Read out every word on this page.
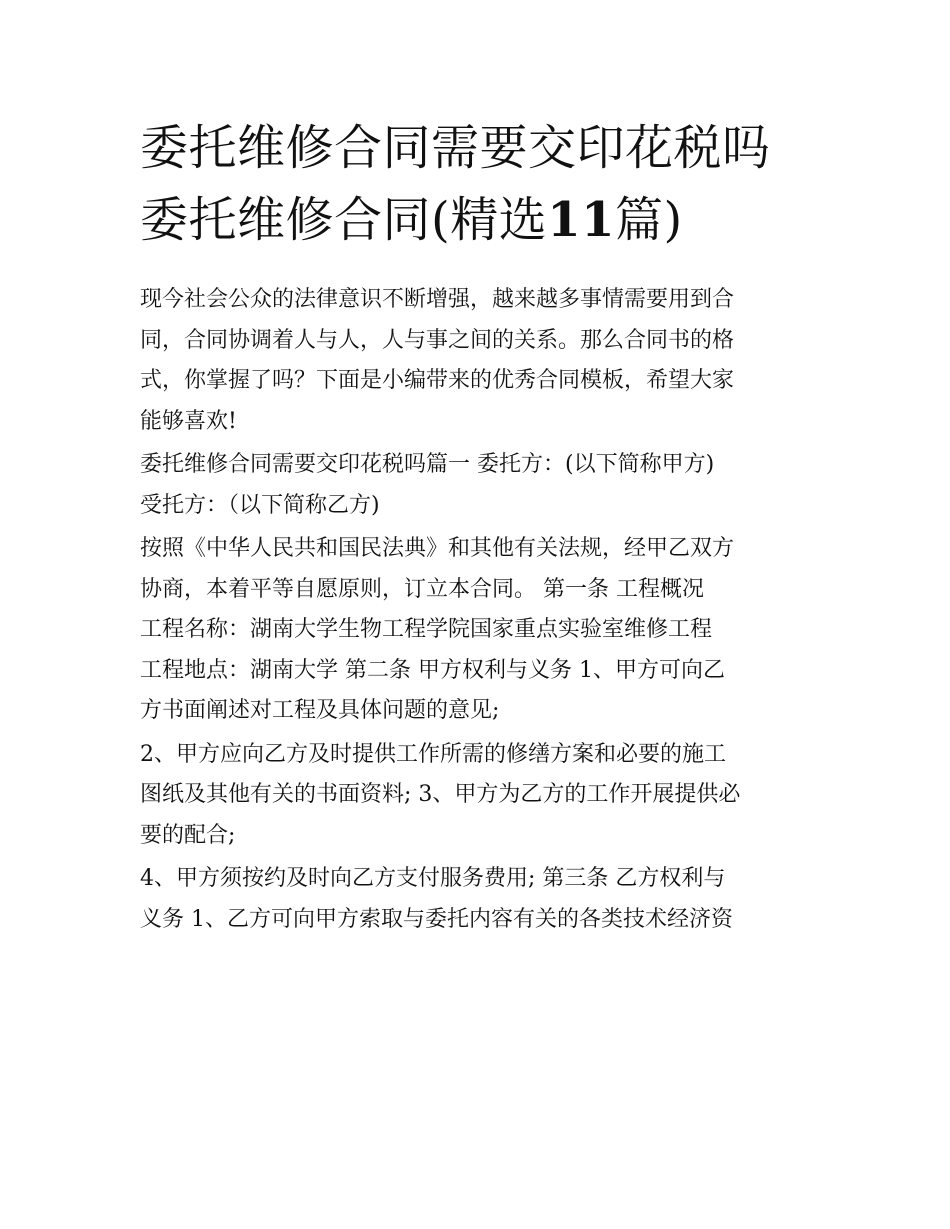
委托维修合同需要交印花税吗
委托维修合同(精选11篇)
现今社会公众的法律意识不断增强，越来越多事情需要用到合
同，合同协调着人与人，人与事之间的关系。那么合同书的格
式，你掌握了吗？下面是小编带来的优秀合同模板，希望大家
能够喜欢!
委托维修合同需要交印花税吗篇一 委托方：(以下简称甲方)
受托方：（以下简称乙方)
按照《中华人民共和国民法典》和其他有关法规，经甲乙双方
协商，本着平等自愿原则，订立本合同。 第一条 工程概况
工程名称：湖南大学生物工程学院国家重点实验室维修工程
工程地点：湖南大学 第二条 甲方权利与义务 1、甲方可向乙
方书面阐述对工程及具体问题的意见;
2、甲方应向乙方及时提供工作所需的修缮方案和必要的施工
图纸及其他有关的书面资料; 3、甲方为乙方的工作开展提供必
要的配合;
4、甲方须按约及时向乙方支付服务费用; 第三条 乙方权利与
义务 1、乙方可向甲方索取与委托内容有关的各类技术经济资
